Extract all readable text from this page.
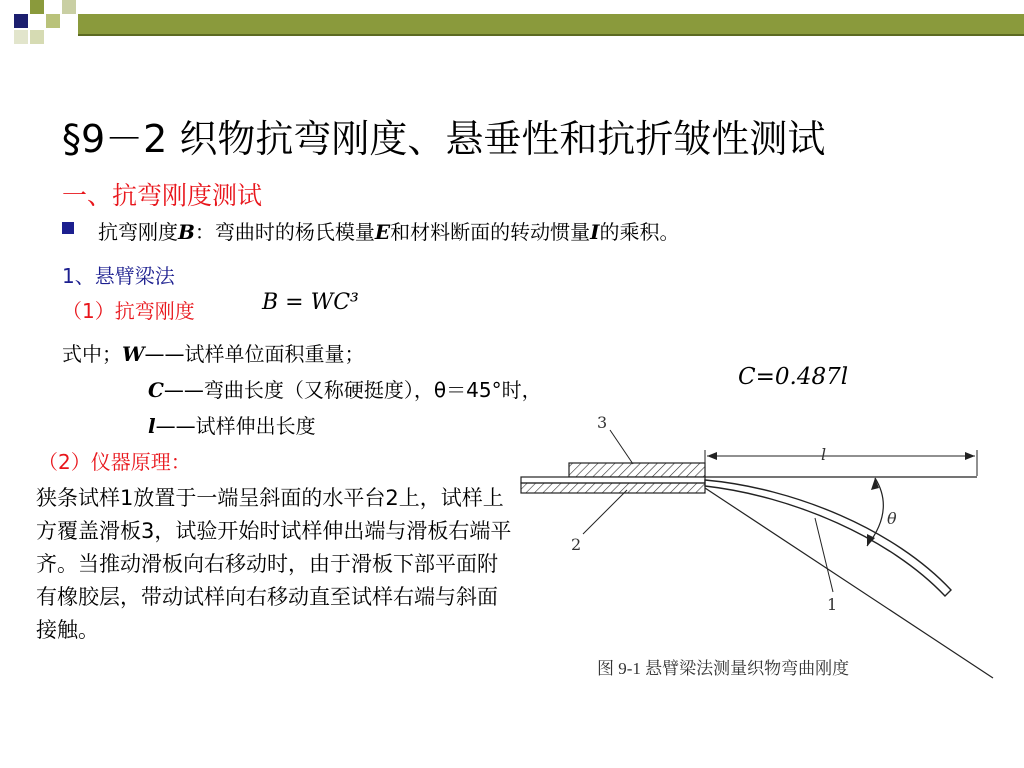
§9－2 织物抗弯刚度、悬垂性和抗折皱性测试
一、抗弯刚度测试
抗弯刚度B：弯曲时的杨氏模量E和材料断面的转动惯量I的乘积。
1、悬臂梁法
（1）抗弯刚度	B = WC³
式中；W——试样单位面积重量；
C——弯曲长度（又称硬挺度），θ＝45°时，	C=0.487l
l——试样伸出长度
（2）仪器原理：
狭条试样1放置于一端呈斜面的水平台2上，试样上方覆盖滑板3，试验开始时试样伸出端与滑板右端平齐。当推动滑板向右移动时，由于滑板下部平面附有橡胶层，带动试样向右移动直至试样右端与斜面接触。
l
θ
3
2
1
图 9-1 悬臂梁法测量织物弯曲刚度
